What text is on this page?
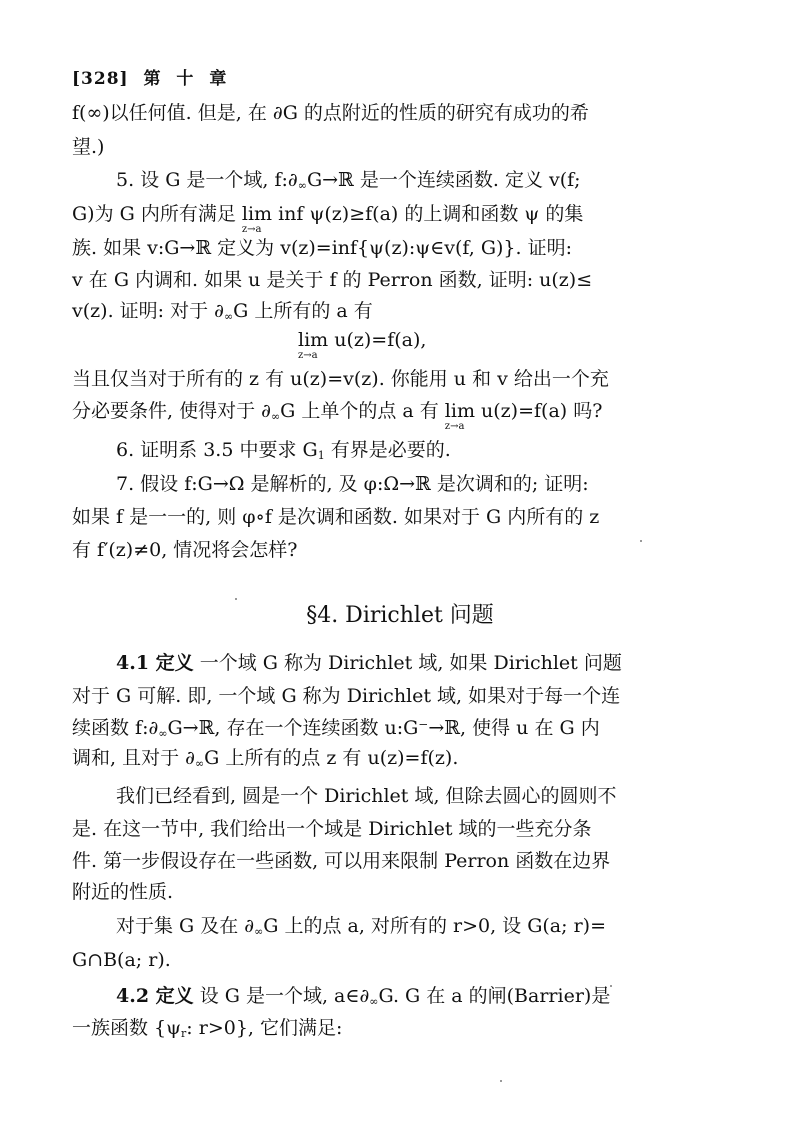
[328] 第 十 章
f(∞)以任何值. 但是, 在 ∂G 的点附近的性质的研究有成功的希
望.)
5. 设 G 是一个域, f:∂∞G→ℝ 是一个连续函数. 定义 v(f;
G)为 G 内所有满足 lim
z→a
inf ψ(z)≥f(a) 的上调和函数 ψ 的集
族. 如果 v:G→ℝ 定义为 v(z)=inf{ψ(z):ψ∈v(f, G)}. 证明:
v 在 G 内调和. 如果 u 是关于 f 的 Perron 函数, 证明: u(z)≤
v(z). 证明: 对于 ∂∞G 上所有的 a 有
lim
z→a
u(z)=f(a),
当且仅当对于所有的 z 有 u(z)=v(z). 你能用 u 和 v 给出一个充
分必要条件, 使得对于 ∂∞G 上单个的点 a 有 lim
z→a
u(z)=f(a) 吗?
6. 证明系 3.5 中要求 G1 有界是必要的.
7. 假设 f:G→Ω 是解析的, 及 φ:Ω→ℝ 是次调和的; 证明:
如果 f 是一一的, 则 φ∘f 是次调和函数. 如果对于 G 内所有的 z
有 f′(z)≠0, 情况将会怎样?
§4. Dirichlet 问题
4.1 定义 一个域 G 称为 Dirichlet 域, 如果 Dirichlet 问题
对于 G 可解. 即, 一个域 G 称为 Dirichlet 域, 如果对于每一个连
续函数 f:∂∞G→ℝ, 存在一个连续函数 u:G⁻→ℝ, 使得 u 在 G 内
调和, 且对于 ∂∞G 上所有的点 z 有 u(z)=f(z).
我们已经看到, 圆是一个 Dirichlet 域, 但除去圆心的圆则不
是. 在这一节中, 我们给出一个域是 Dirichlet 域的一些充分条
件. 第一步假设存在一些函数, 可以用来限制 Perron 函数在边界
附近的性质.
对于集 G 及在 ∂∞G 上的点 a, 对所有的 r>0, 设 G(a; r)=
G∩B(a; r).
4.2 定义 设 G 是一个域, a∈∂∞G. G 在 a 的闸(Barrier)是
一族函数 {ψr: r>0}, 它们满足:
